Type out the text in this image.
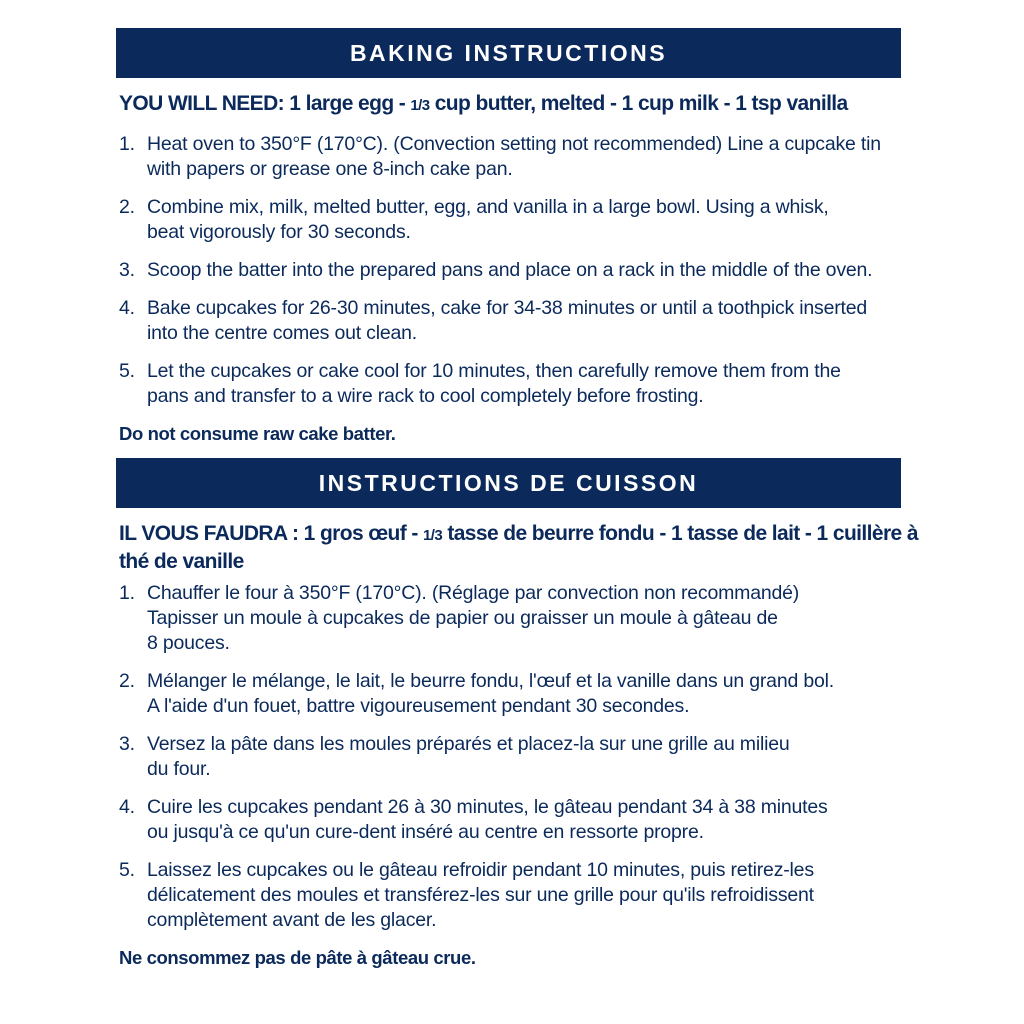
BAKING INSTRUCTIONS
YOU WILL NEED: 1 large egg - 1/3 cup butter, melted - 1 cup milk - 1 tsp vanilla
1. Heat oven to 350°F (170°C). (Convection setting not recommended) Line a cupcake tin
with papers or grease one 8-inch cake pan.
2. Combine mix, milk, melted butter, egg, and vanilla in a large bowl. Using a whisk,
beat vigorously for 30 seconds.
3. Scoop the batter into the prepared pans and place on a rack in the middle of the oven.
4. Bake cupcakes for 26-30 minutes, cake for 34-38 minutes or until a toothpick inserted
into the centre comes out clean.
5. Let the cupcakes or cake cool for 10 minutes, then carefully remove them from the
pans and transfer to a wire rack to cool completely before frosting.
Do not consume raw cake batter.
INSTRUCTIONS DE CUISSON
IL VOUS FAUDRA : 1 gros œuf - 1/3 tasse de beurre fondu - 1 tasse de lait - 1 cuillère à
thé de vanille
1. Chauffer le four à 350°F (170°C). (Réglage par convection non recommandé)
Tapisser un moule à cupcakes de papier ou graisser un moule à gâteau de
8 pouces.
2. Mélanger le mélange, le lait, le beurre fondu, l'œuf et la vanille dans un grand bol.
A l'aide d'un fouet, battre vigoureusement pendant 30 secondes.
3. Versez la pâte dans les moules préparés et placez-la sur une grille au milieu
du four.
4. Cuire les cupcakes pendant 26 à 30 minutes, le gâteau pendant 34 à 38 minutes
ou jusqu'à ce qu'un cure-dent inséré au centre en ressorte propre.
5. Laissez les cupcakes ou le gâteau refroidir pendant 10 minutes, puis retirez-les
délicatement des moules et transférez-les sur une grille pour qu'ils refroidissent
complètement avant de les glacer.
Ne consommez pas de pâte à gâteau crue.
